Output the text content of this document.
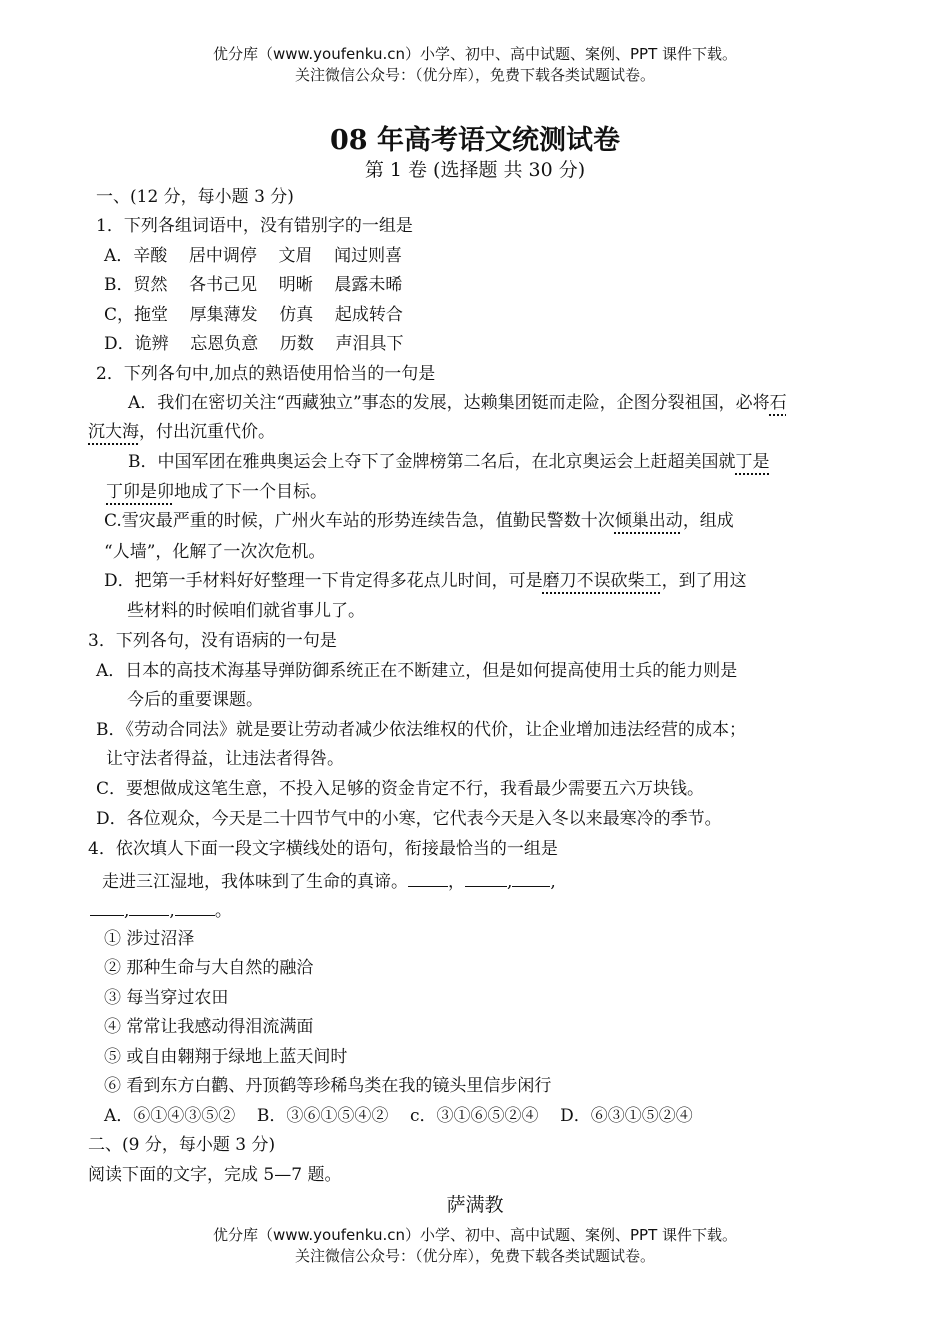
优分库（www.youfenku.cn）小学、初中、高中试题、案例、PPT 课件下载。
关注微信公众号：（优分库），免费下载各类试题试卷。
08 年高考语文统测试卷
第 1 卷 (选择题 共 30 分)
一、(12 分，每小题 3 分)
1．下列各组词语中，没有错别字的一组是
A．辛酸    居中调停    文眉    闻过则喜
B．贸然    各书己见    明晰    晨露未晞
C，拖堂    厚集薄发    仿真    起成转合
D．诡辨    忘恩负意    历数    声泪具下
2．下列各句中,加点的熟语使用恰当的一句是
A．我们在密切关注“西藏独立”事态的发展，达赖集团铤而走险，企图分裂祖国，必将石
沉大海，付出沉重代价。
B．中国军团在雅典奥运会上夺下了金牌榜第二名后，在北京奥运会上赶超美国就丁是
丁卯是卯地成了下一个目标。
C.雪灾最严重的时候，广州火车站的形势连续告急，值勤民警数十次倾巢出动，组成
“人墙”，化解了一次次危机。
D．把第一手材料好好整理一下肯定得多花点儿时间，可是磨刀不误砍柴工，到了用这
些材料的时候咱们就省事儿了。
3．下列各句，没有语病的一句是
A．日本的高技术海基导弹防御系统正在不断建立，但是如何提高使用士兵的能力则是
今后的重要课题。
B．《劳动合同法》就是要让劳动者减少依法维权的代价，让企业增加违法经营的成本；
让守法者得益，让违法者得咎。
C．要想做成这笔生意，不投入足够的资金肯定不行，我看最少需要五六万块钱。
D．各位观众，今天是二十四节气中的小寒，它代表今天是入冬以来最寒冷的季节。
4．依次填人下面一段文字横线处的语句，衔接最恰当的一组是
走进三江湿地，我体味到了生命的真谛。 ， , ,
, , 。
① 涉过沼泽
② 那种生命与大自然的融洽
③ 每当穿过农田
④ 常常让我感动得泪流满面
⑤ 或自由翱翔于绿地上蓝天间时
⑥ 看到东方白鹳、丹顶鹤等珍稀鸟类在我的镜头里信步闲行
A．⑥①④③⑤②    B．③⑥①⑤④②    c．③①⑥⑤②④    D．⑥③①⑤②④
二、(9 分，每小题 3 分)
阅读下面的文字，完成 5—7 题。
萨满教
优分库（www.youfenku.cn）小学、初中、高中试题、案例、PPT 课件下载。
关注微信公众号：（优分库），免费下载各类试题试卷。
